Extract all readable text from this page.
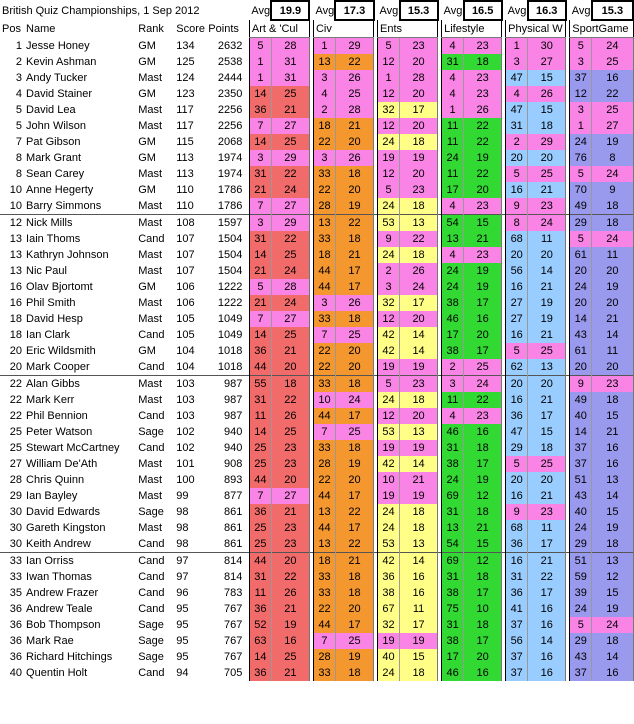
British Quiz Championships, 1 Sep 2012						Avg	19.9		Avg	17.3		Avg	15.3		Avg	16.5		Avg	16.3		Avg	15.3
Pos	Name	Rank	Score	Points		Art & 'Cul			Civ			Ents			Lifestyle			Physical W			SportGame	
1	Jesse Honey	GM	134	2632		5	28		1	29		5	23		4	23		1	30		5	24
2	Kevin Ashman	GM	125	2538		1	31		13	22		12	20		31	18		3	27		3	25
3	Andy Tucker	Mast	124	2444		1	31		3	26		1	28		4	23		47	15		37	16
4	David Stainer	GM	123	2350		14	25		4	25		12	20		4	23		4	26		12	22
5	David Lea	Mast	117	2256		36	21		2	28		32	17		1	26		47	15		3	25
5	John Wilson	Mast	117	2256		7	27		18	21		12	20		11	22		31	18		1	27
7	Pat Gibson	GM	115	2068		14	25		22	20		24	18		11	22		2	29		24	19
8	Mark Grant	GM	113	1974		3	29		3	26		19	19		24	19		20	20		76	8
8	Sean Carey	Mast	113	1974		31	22		33	18		12	20		11	22		5	25		5	24
10	Anne Hegerty	GM	110	1786		21	24		22	20		5	23		17	20		16	21		70	9
10	Barry Simmons	Mast	110	1786		7	27		28	19		24	18		4	23		9	23		49	18
12	Nick Mills	Mast	108	1597		3	29		13	22		53	13		54	15		8	24		29	18
13	Iain Thoms	Cand	107	1504		31	22		33	18		9	22		13	21		68	11		5	24
13	Kathryn Johnson	Mast	107	1504		14	25		18	21		24	18		4	23		20	20		61	11
13	Nic Paul	Mast	107	1504		21	24		44	17		2	26		24	19		56	14		20	20
16	Olav Bjortomt	GM	106	1222		5	28		44	17		3	24		24	19		16	21		24	19
16	Phil Smith	Mast	106	1222		21	24		3	26		32	17		38	17		27	19		20	20
18	David Hesp	Mast	105	1049		7	27		33	18		12	20		46	16		27	19		14	21
18	Ian Clark	Cand	105	1049		14	25		7	25		42	14		17	20		16	21		43	14
20	Eric Wildsmith	GM	104	1018		36	21		22	20		42	14		38	17		5	25		61	11
20	Mark Cooper	Cand	104	1018		44	20		22	20		19	19		2	25		62	13		20	20
22	Alan Gibbs	Mast	103	987		55	18		33	18		5	23		3	24		20	20		9	23
22	Mark Kerr	Mast	103	987		31	22		10	24		24	18		11	22		16	21		49	18
22	Phil Bennion	Cand	103	987		11	26		44	17		12	20		4	23		36	17		40	15
25	Peter Watson	Sage	102	940		14	25		7	25		53	13		46	16		47	15		14	21
25	Stewart McCartney	Cand	102	940		25	23		33	18		19	19		31	18		29	18		37	16
27	William De'Ath	Mast	101	908		25	23		28	19		42	14		38	17		5	25		37	16
28	Chris Quinn	Mast	100	893		44	20		22	20		10	21		24	19		20	20		51	13
29	Ian Bayley	Mast	99	877		7	27		44	17		19	19		69	12		16	21		43	14
30	David Edwards	Sage	98	861		36	21		13	22		24	18		31	18		9	23		40	15
30	Gareth Kingston	Mast	98	861		25	23		44	17		24	18		13	21		68	11		24	19
30	Keith Andrew	Cand	98	861		25	23		13	22		53	13		54	15		36	17		29	18
33	Ian Orriss	Cand	97	814		44	20		18	21		42	14		69	12		16	21		51	13
33	Iwan Thomas	Cand	97	814		31	22		33	18		36	16		31	18		31	22		59	12
35	Andrew Frazer	Cand	96	783		11	26		33	18		38	16		38	17		36	17		39	15
36	Andrew Teale	Cand	95	767		36	21		22	20		67	11		75	10		41	16		24	19
36	Bob Thompson	Sage	95	767		52	19		44	17		32	17		31	18		37	16		5	24
36	Mark Rae	Sage	95	767		63	16		7	25		19	19		38	17		56	14		29	18
36	Richard Hitchings	Sage	95	767		14	25		28	19		40	15		17	20		37	16		43	14
40	Quentin Holt	Cand	94	705		36	21		33	18		24	18		46	16		37	16		37	16
